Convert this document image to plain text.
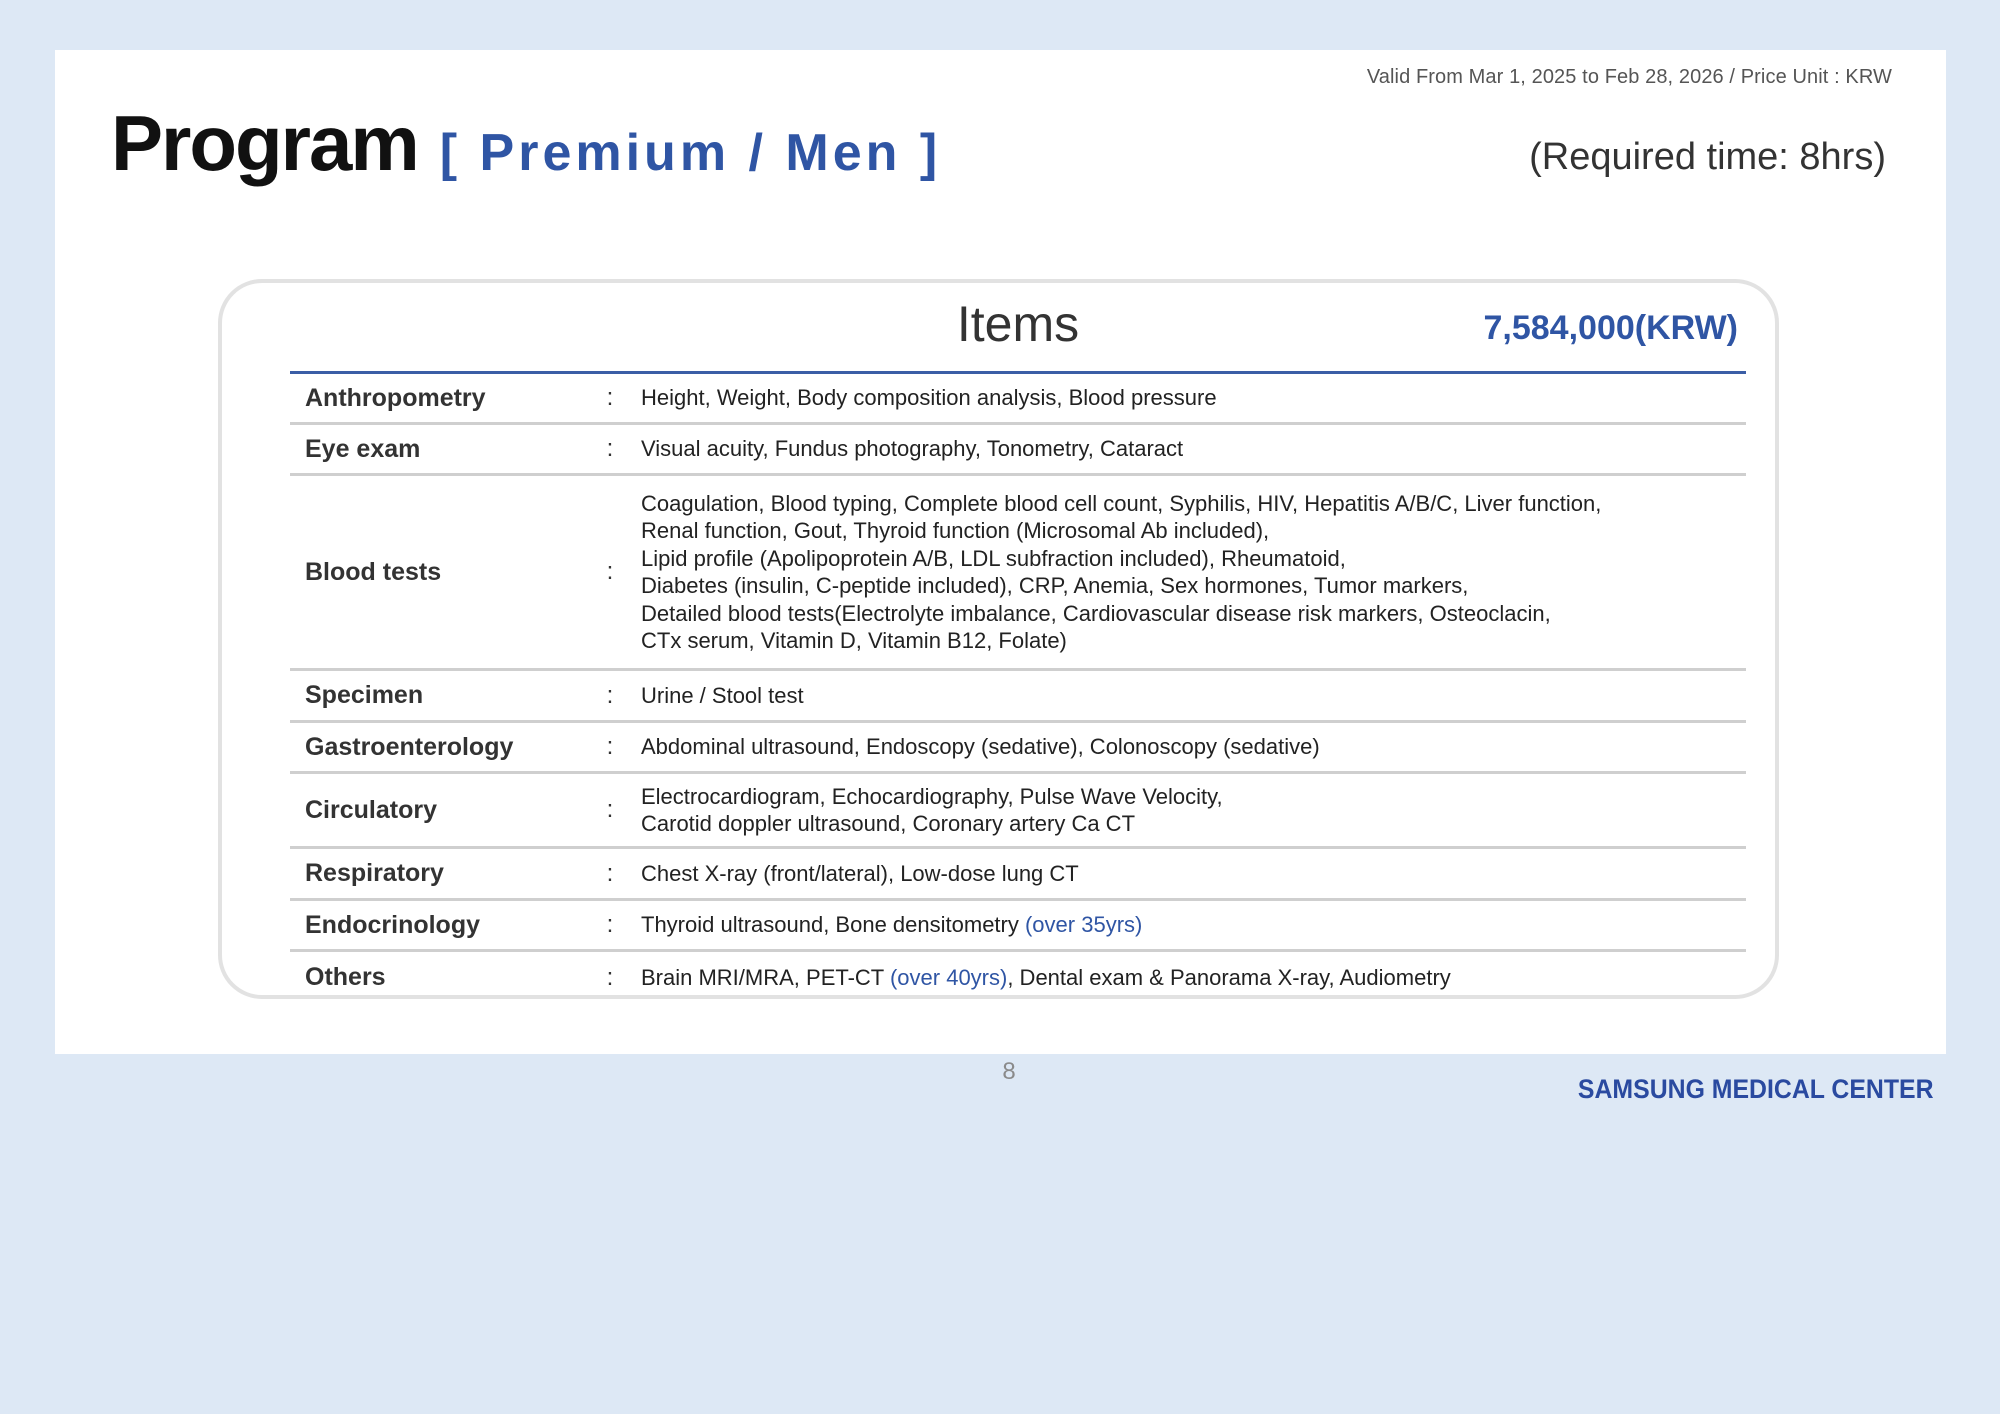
Valid From Mar 1, 2025 to Feb 28, 2026 / Price Unit : KRW
Program [ Premium / Men ]	(Required time: 8hrs)
Items	7,584,000(KRW)
Anthropometry	:	Height, Weight, Body composition analysis, Blood pressure
Eye exam	:	Visual acuity, Fundus photography, Tonometry, Cataract
Blood tests	:
Coagulation, Blood typing, Complete blood cell count, Syphilis, HIV, Hepatitis A/B/C, Liver function,
Renal function, Gout, Thyroid function (Microsomal Ab included),
Lipid profile (Apolipoprotein A/B, LDL subfraction included), Rheumatoid,
Diabetes (insulin, C-peptide included), CRP, Anemia, Sex hormones, Tumor markers,
Detailed blood tests(Electrolyte imbalance, Cardiovascular disease risk markers, Osteoclacin,
CTx serum, Vitamin D, Vitamin B12, Folate)
Specimen	:	Urine / Stool test
Gastroenterology	:	Abdominal ultrasound, Endoscopy (sedative), Colonoscopy (sedative)
Circulatory	:	Electrocardiogram, Echocardiography, Pulse Wave Velocity,
Carotid doppler ultrasound, Coronary artery Ca CT
Respiratory	:	Chest X-ray (front/lateral), Low-dose lung CT
Endocrinology	:	Thyroid ultrasound, Bone densitometry (over 35yrs)
Others	:	Brain MRI/MRA, PET-CT (over 40yrs), Dental exam & Panorama X-ray, Audiometry
8
SAMSUNG MEDICAL CENTER
